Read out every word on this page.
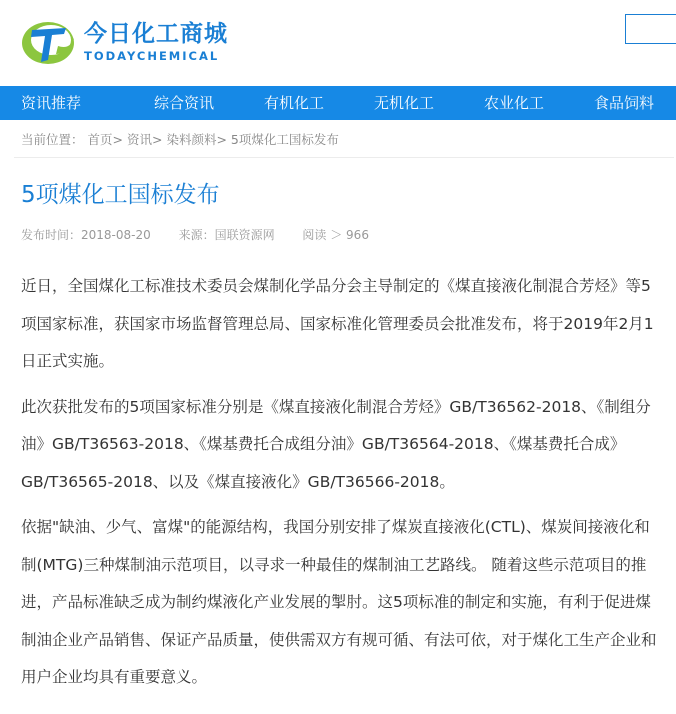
今日化工商城
TODAYCHEMICAL
资讯推荐	综合资讯	有机化工	无机化工	农业化工	食品饲料
当前位置： 首页> 资讯> 染料颜料> 5项煤化工国标发布
5项煤化工国标发布
发布时间：2018-08-20 来源：国联资源网 阅读 ＞ 966

近日，全国煤化工标准技术委员会煤制化学品分会主导制定的《煤直接液化制混合芳烃》等5项国家标准，获国家市场监督管理总局、国家标准化管理委员会批准发布，将于2019年2月1日正式实施。

此次获批发布的5项国家标准分别是《煤直接液化制混合芳烃》GB/T36562-2018、《制组分油》GB/T36563-2018、《煤基费托合成组分油》GB/T36564-2018、《煤基费托合成》GB/T36565-2018、以及《煤直接液化》GB/T36566-2018。

依据"缺油、少气、富煤"的能源结构，我国分别安排了煤炭直接液化(CTL)、煤炭间接液化和制(MTG)三种煤制油示范项目，以寻求一种最佳的煤制油工艺路线。 随着这些示范项目的推进，产品标准缺乏成为制约煤液化产业发展的掣肘。这5项标准的制定和实施，有利于促进煤制油企业产品销售、保证产品质量，使供需双方有规可循、有法可依，对于煤化工生产企业和用户企业均具有重要意义。
